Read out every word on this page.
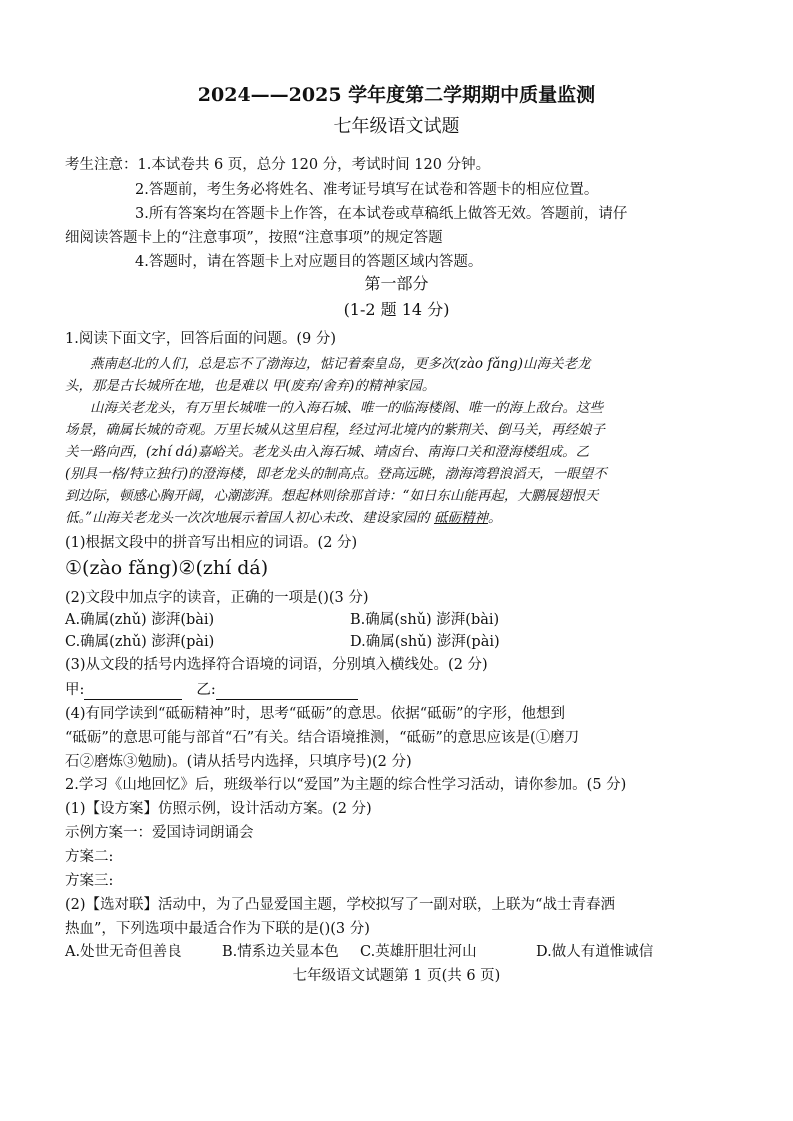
2024——2025 学年度第二学期期中质量监测
七年级语文试题
考生注意：1.本试卷共 6 页，总分 120 分，考试时间 120 分钟。
2.答题前，考生务必将姓名、准考证号填写在试卷和答题卡的相应位置。
3.所有答案均在答题卡上作答，在本试卷或草稿纸上做答无效。答题前，请仔
细阅读答题卡上的“注意事项”，按照“注意事项”的规定答题
4.答题时，请在答题卡上对应题目的答题区域内答题。
第一部分
(1-2 题 14 分)
1.阅读下面文字，回答后面的问题。(9 分)
燕南赵北的人们，总是忘不了渤海边，惦记着秦皇岛，更多次(zào fǎng)山海关老龙
头，那是古长城所在地，也是难以 甲(废弃/舍弃)的精神家园。
山海关老龙头，有万里长城唯一的入海石城、唯一的临海楼阁、唯一的海上敌台。这些
场景，确属长城的奇观。万里长城从这里启程，经过河北境内的紫荆关、倒马关，再经娘子
关一路向西，(zhí dá)嘉峪关。老龙头由入海石城、靖卤台、南海口关和澄海楼组成。乙
(别具一格/特立独行)的澄海楼，即老龙头的制高点。登高远眺，渤海湾碧浪滔天，一眼望不
到边际，顿感心胸开阔，心潮澎湃。想起林则徐那首诗：“如日东山能再起，大鹏展翅恨天
低。”山海关老龙头一次次地展示着国人初心未改、建设家园的 砥砺精神。
(1)根据文段中的拼音写出相应的词语。(2 分)
①(zào fǎng)②(zhí dá)
(2)文段中加点字的读音，正确的一项是()(3 分)
A.确属(zhǔ) 澎湃(bài)	B.确属(shǔ) 澎湃(bài)
C.确属(zhǔ) 澎湃(pài)	D.确属(shǔ) 澎湃(pài)
(3)从文段的括号内选择符合语境的词语，分别填入横线处。(2 分)
甲:	乙:
(4)有同学读到“砥砺精神”时，思考“砥砺”的意思。依据“砥砺”的字形，他想到
“砥砺”的意思可能与部首“石”有关。结合语境推测，“砥砺”的意思应该是(①磨刀
石②磨炼③勉励)。(请从括号内选择，只填序号)(2 分)
2.学习《山地回忆》后，班级举行以“爱国”为主题的综合性学习活动，请你参加。(5 分)
(1)【设方案】仿照示例，设计活动方案。(2 分)
示例方案一：爱国诗词朗诵会
方案二:
方案三:
(2)【选对联】活动中，为了凸显爱国主题，学校拟写了一副对联，上联为“战士青春洒
热血”，下列选项中最适合作为下联的是()(3 分)
A.处世无奇但善良	B.情系边关显本色 C.英雄肝胆壮河山	D.做人有道惟诚信
七年级语文试题第 1 页(共 6 页)
